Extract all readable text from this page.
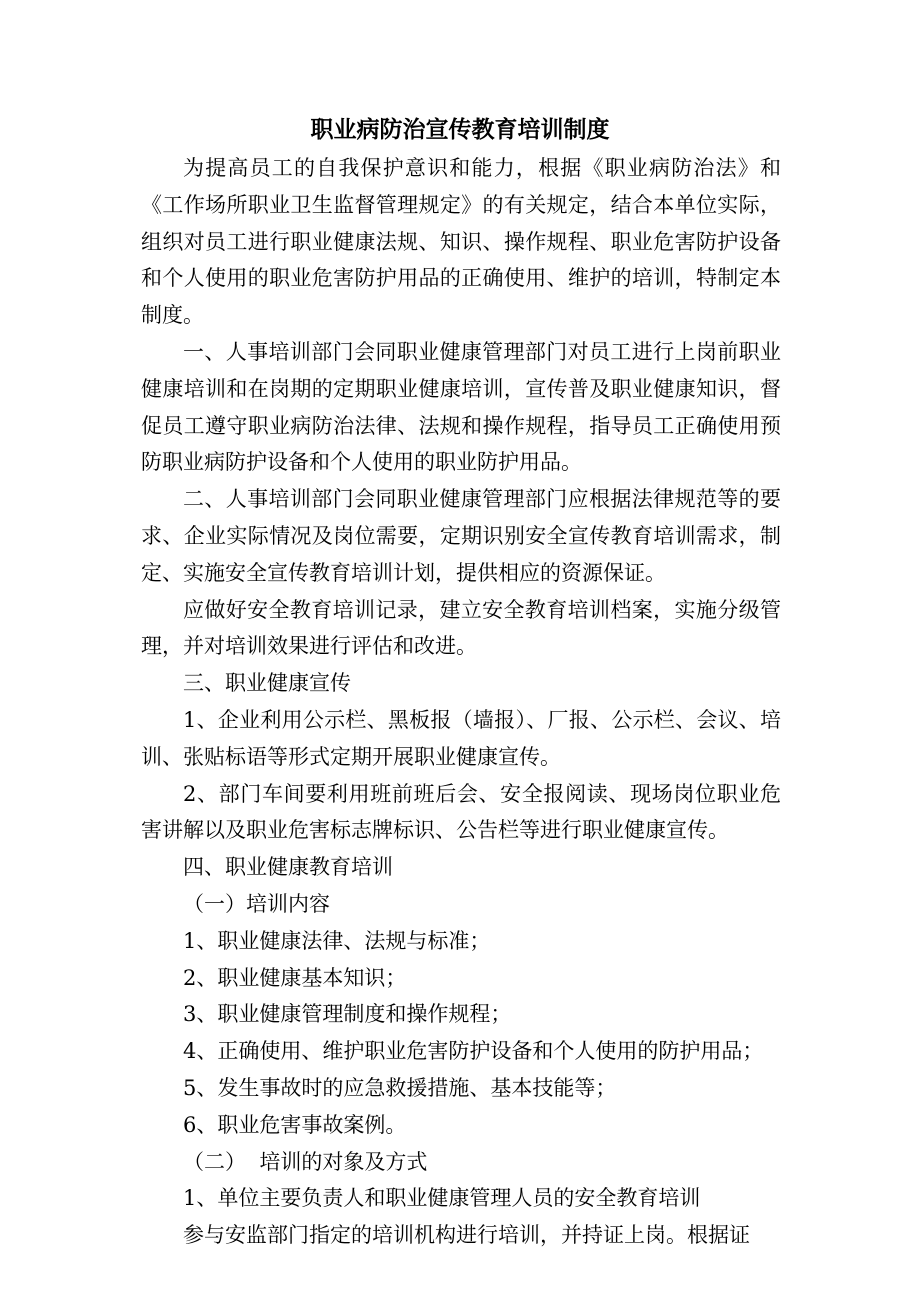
职业病防治宣传教育培训制度

为提高员工的自我保护意识和能力，根据《职业病防治法》和《工作场所职业卫生监督管理规定》的有关规定，结合本单位实际，组织对员工进行职业健康法规、知识、操作规程、职业危害防护设备和个人使用的职业危害防护用品的正确使用、维护的培训，特制定本制度。

一、人事培训部门会同职业健康管理部门对员工进行上岗前职业健康培训和在岗期的定期职业健康培训，宣传普及职业健康知识，督促员工遵守职业病防治法律、法规和操作规程，指导员工正确使用预防职业病防护设备和个人使用的职业防护用品。

二、人事培训部门会同职业健康管理部门应根据法律规范等的要求、企业实际情况及岗位需要，定期识别安全宣传教育培训需求，制定、实施安全宣传教育培训计划，提供相应的资源保证。

应做好安全教育培训记录，建立安全教育培训档案，实施分级管理，并对培训效果进行评估和改进。

三、职业健康宣传

1、企业利用公示栏、黑板报（墙报）、厂报、公示栏、会议、培训、张贴标语等形式定期开展职业健康宣传。

2、部门车间要利用班前班后会、安全报阅读、现场岗位职业危害讲解以及职业危害标志牌标识、公告栏等进行职业健康宣传。

四、职业健康教育培训

（一）培训内容

1、职业健康法律、法规与标准；

2、职业健康基本知识；

3、职业健康管理制度和操作规程；

4、正确使用、维护职业危害防护设备和个人使用的防护用品；

5、发生事故时的应急救援措施、基本技能等；

6、职业危害事故案例。

（二）  培训的对象及方式

1、单位主要负责人和职业健康管理人员的安全教育培训

参与安监部门指定的培训机构进行培训，并持证上岗。根据证
